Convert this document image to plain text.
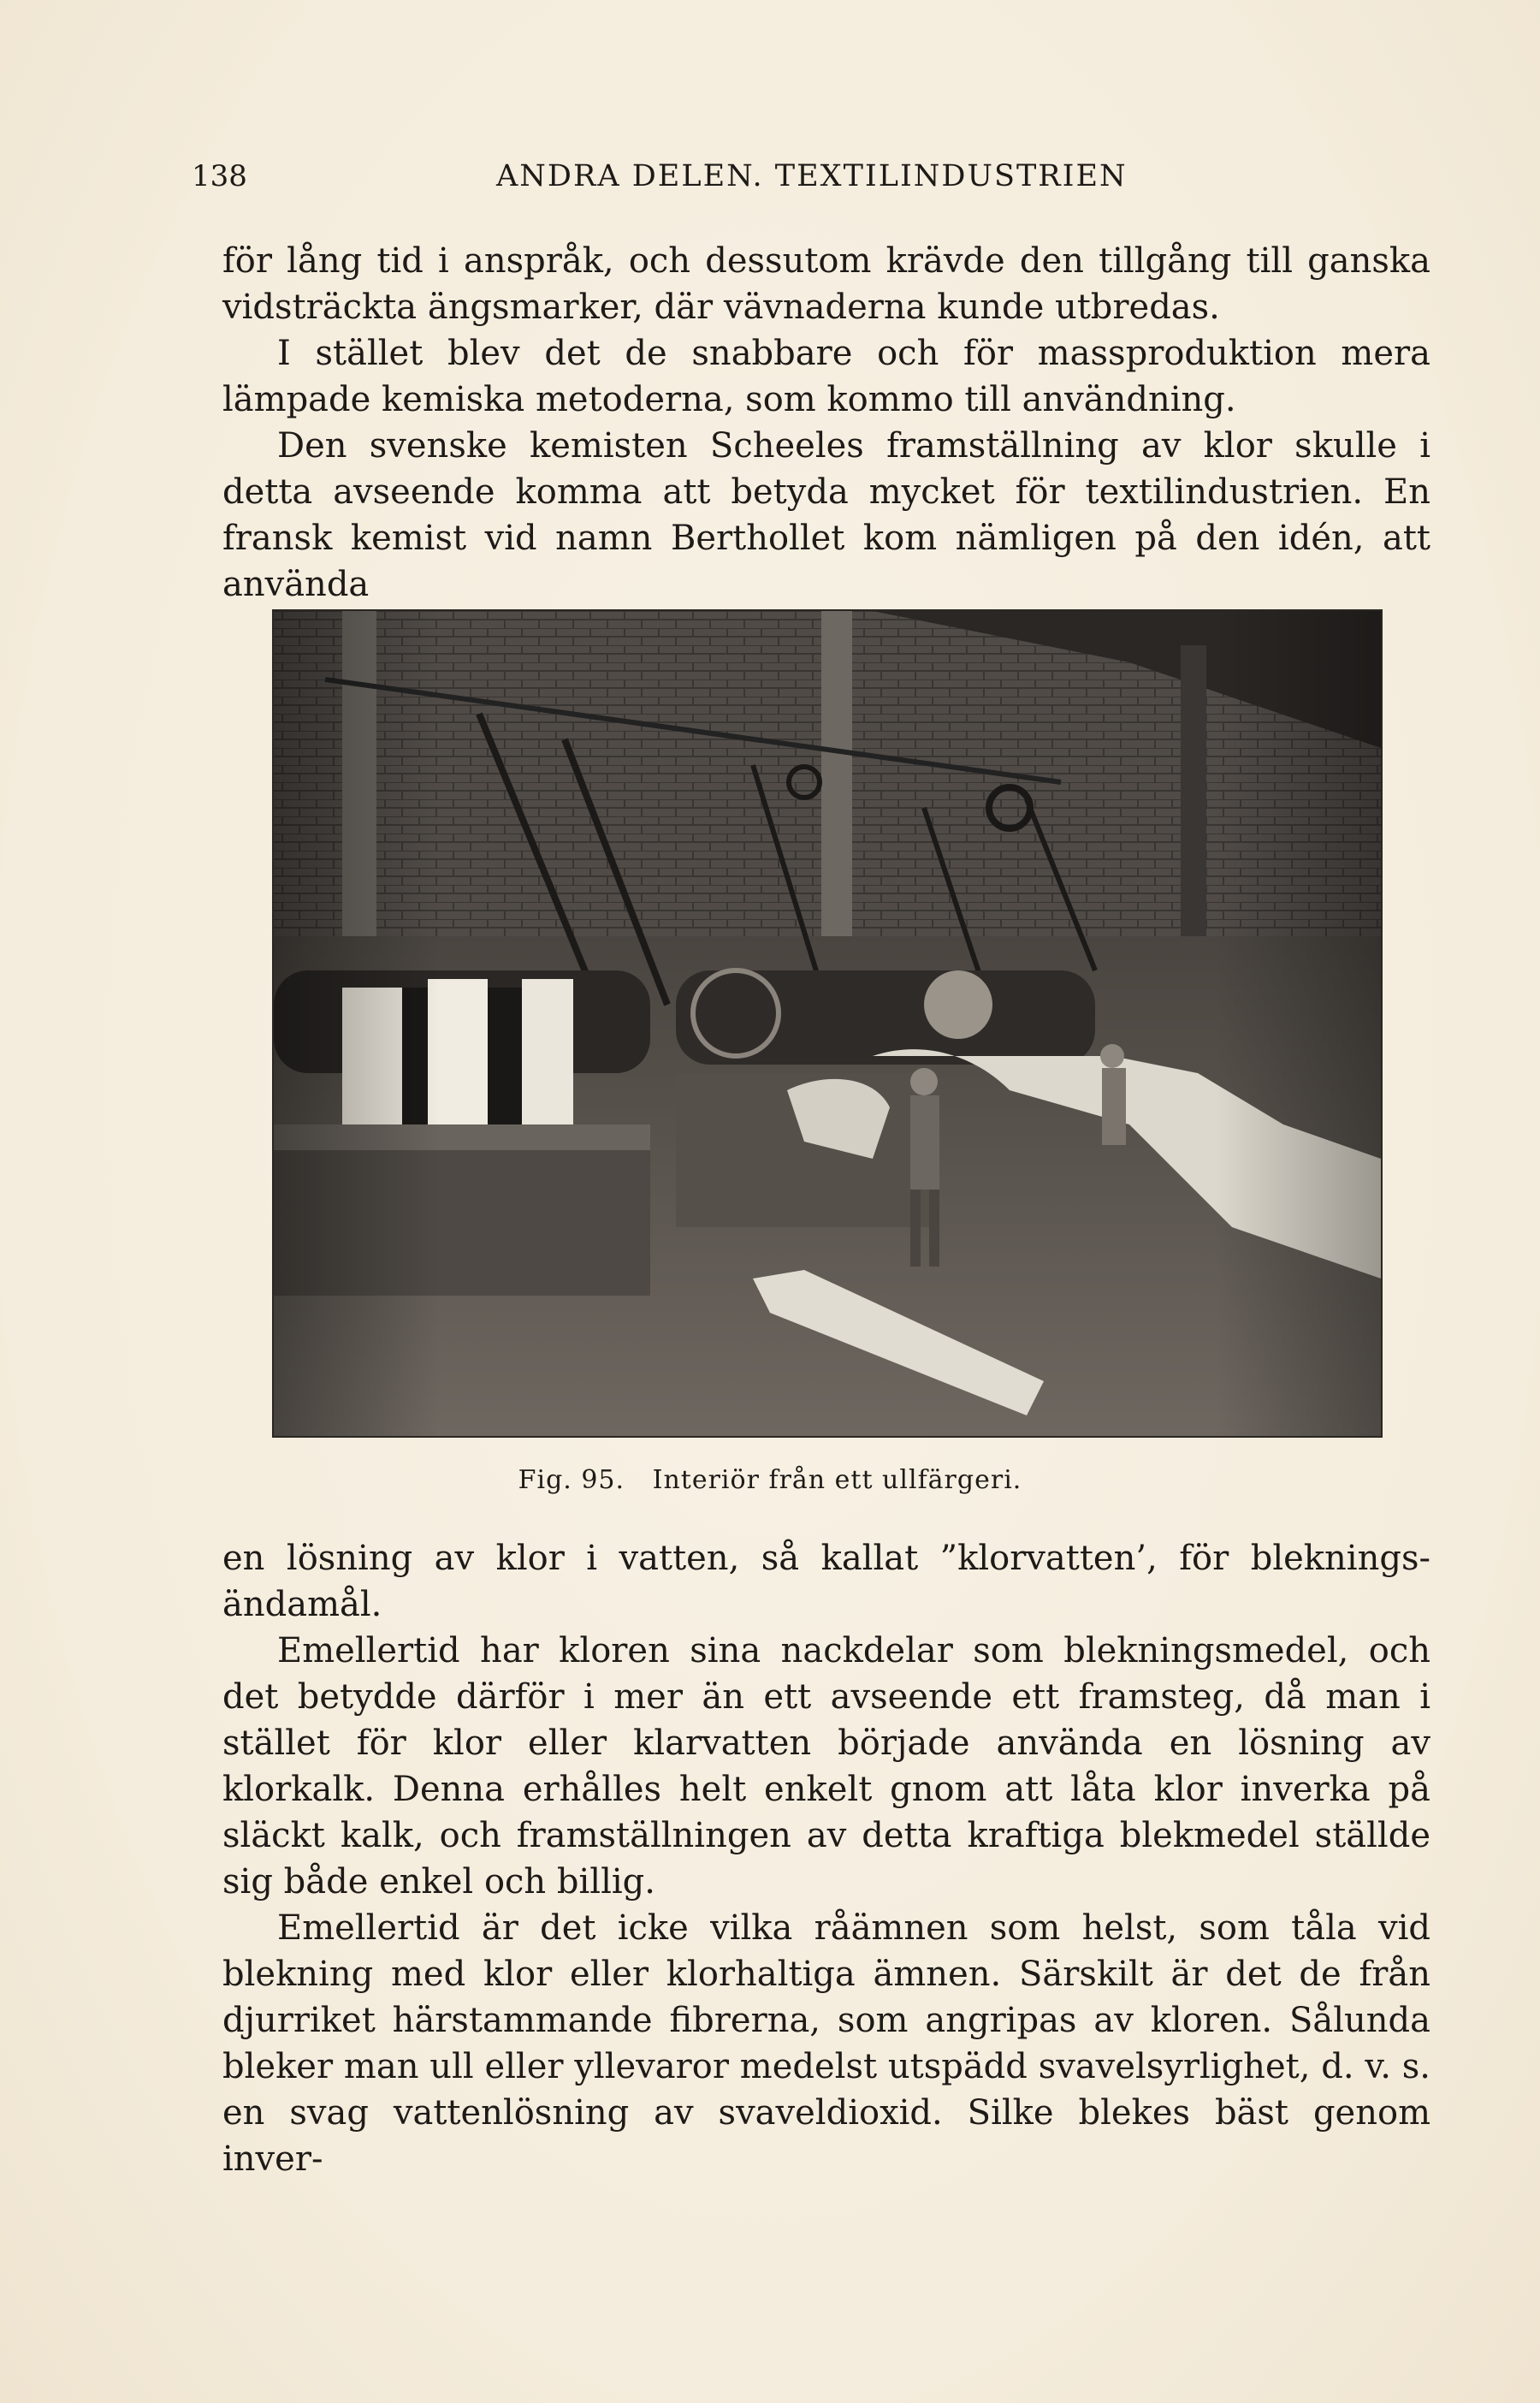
138	ANDRA DELEN. TEXTILINDUSTRIEN

för lång tid i anspråk, och dessutom krävde den tillgång till ganska vidsträckta ängsmarker, där vävnaderna kunde utbredas.

I stället blev det de snabbare och för massproduktion mera lämpade kemiska metoderna, som kommo till användning.

Den svenske kemisten Scheeles framställning av klor skulle i detta avseende komma att betyda mycket för textilindustrien. En fransk kemist vid namn Berthollet kom nämligen på den idén, att använda

Fig. 95. Interiör från ett ullfärgeri.

en lösning av klor i vatten, så kallat ”klorvatten’, för bleknings-ändamål.

Emellertid har kloren sina nackdelar som blekningsmedel, och det betydde därför i mer än ett avseende ett framsteg, då man i stället för klor eller klarvatten började använda en lösning av klorkalk. Denna erhålles helt enkelt gnom att låta klor inverka på släckt kalk, och framställningen av detta kraftiga blekmedel ställde sig både enkel och billig.

Emellertid är det icke vilka råämnen som helst, som tåla vid blekning med klor eller klorhaltiga ämnen. Särskilt är det de från djurriket härstammande fibrerna, som angripas av kloren. Sålunda bleker man ull eller yllevaror medelst utspädd svavelsyrlighet, d. v. s. en svag vattenlösning av svaveldioxid. Silke blekes bäst genom inver-
